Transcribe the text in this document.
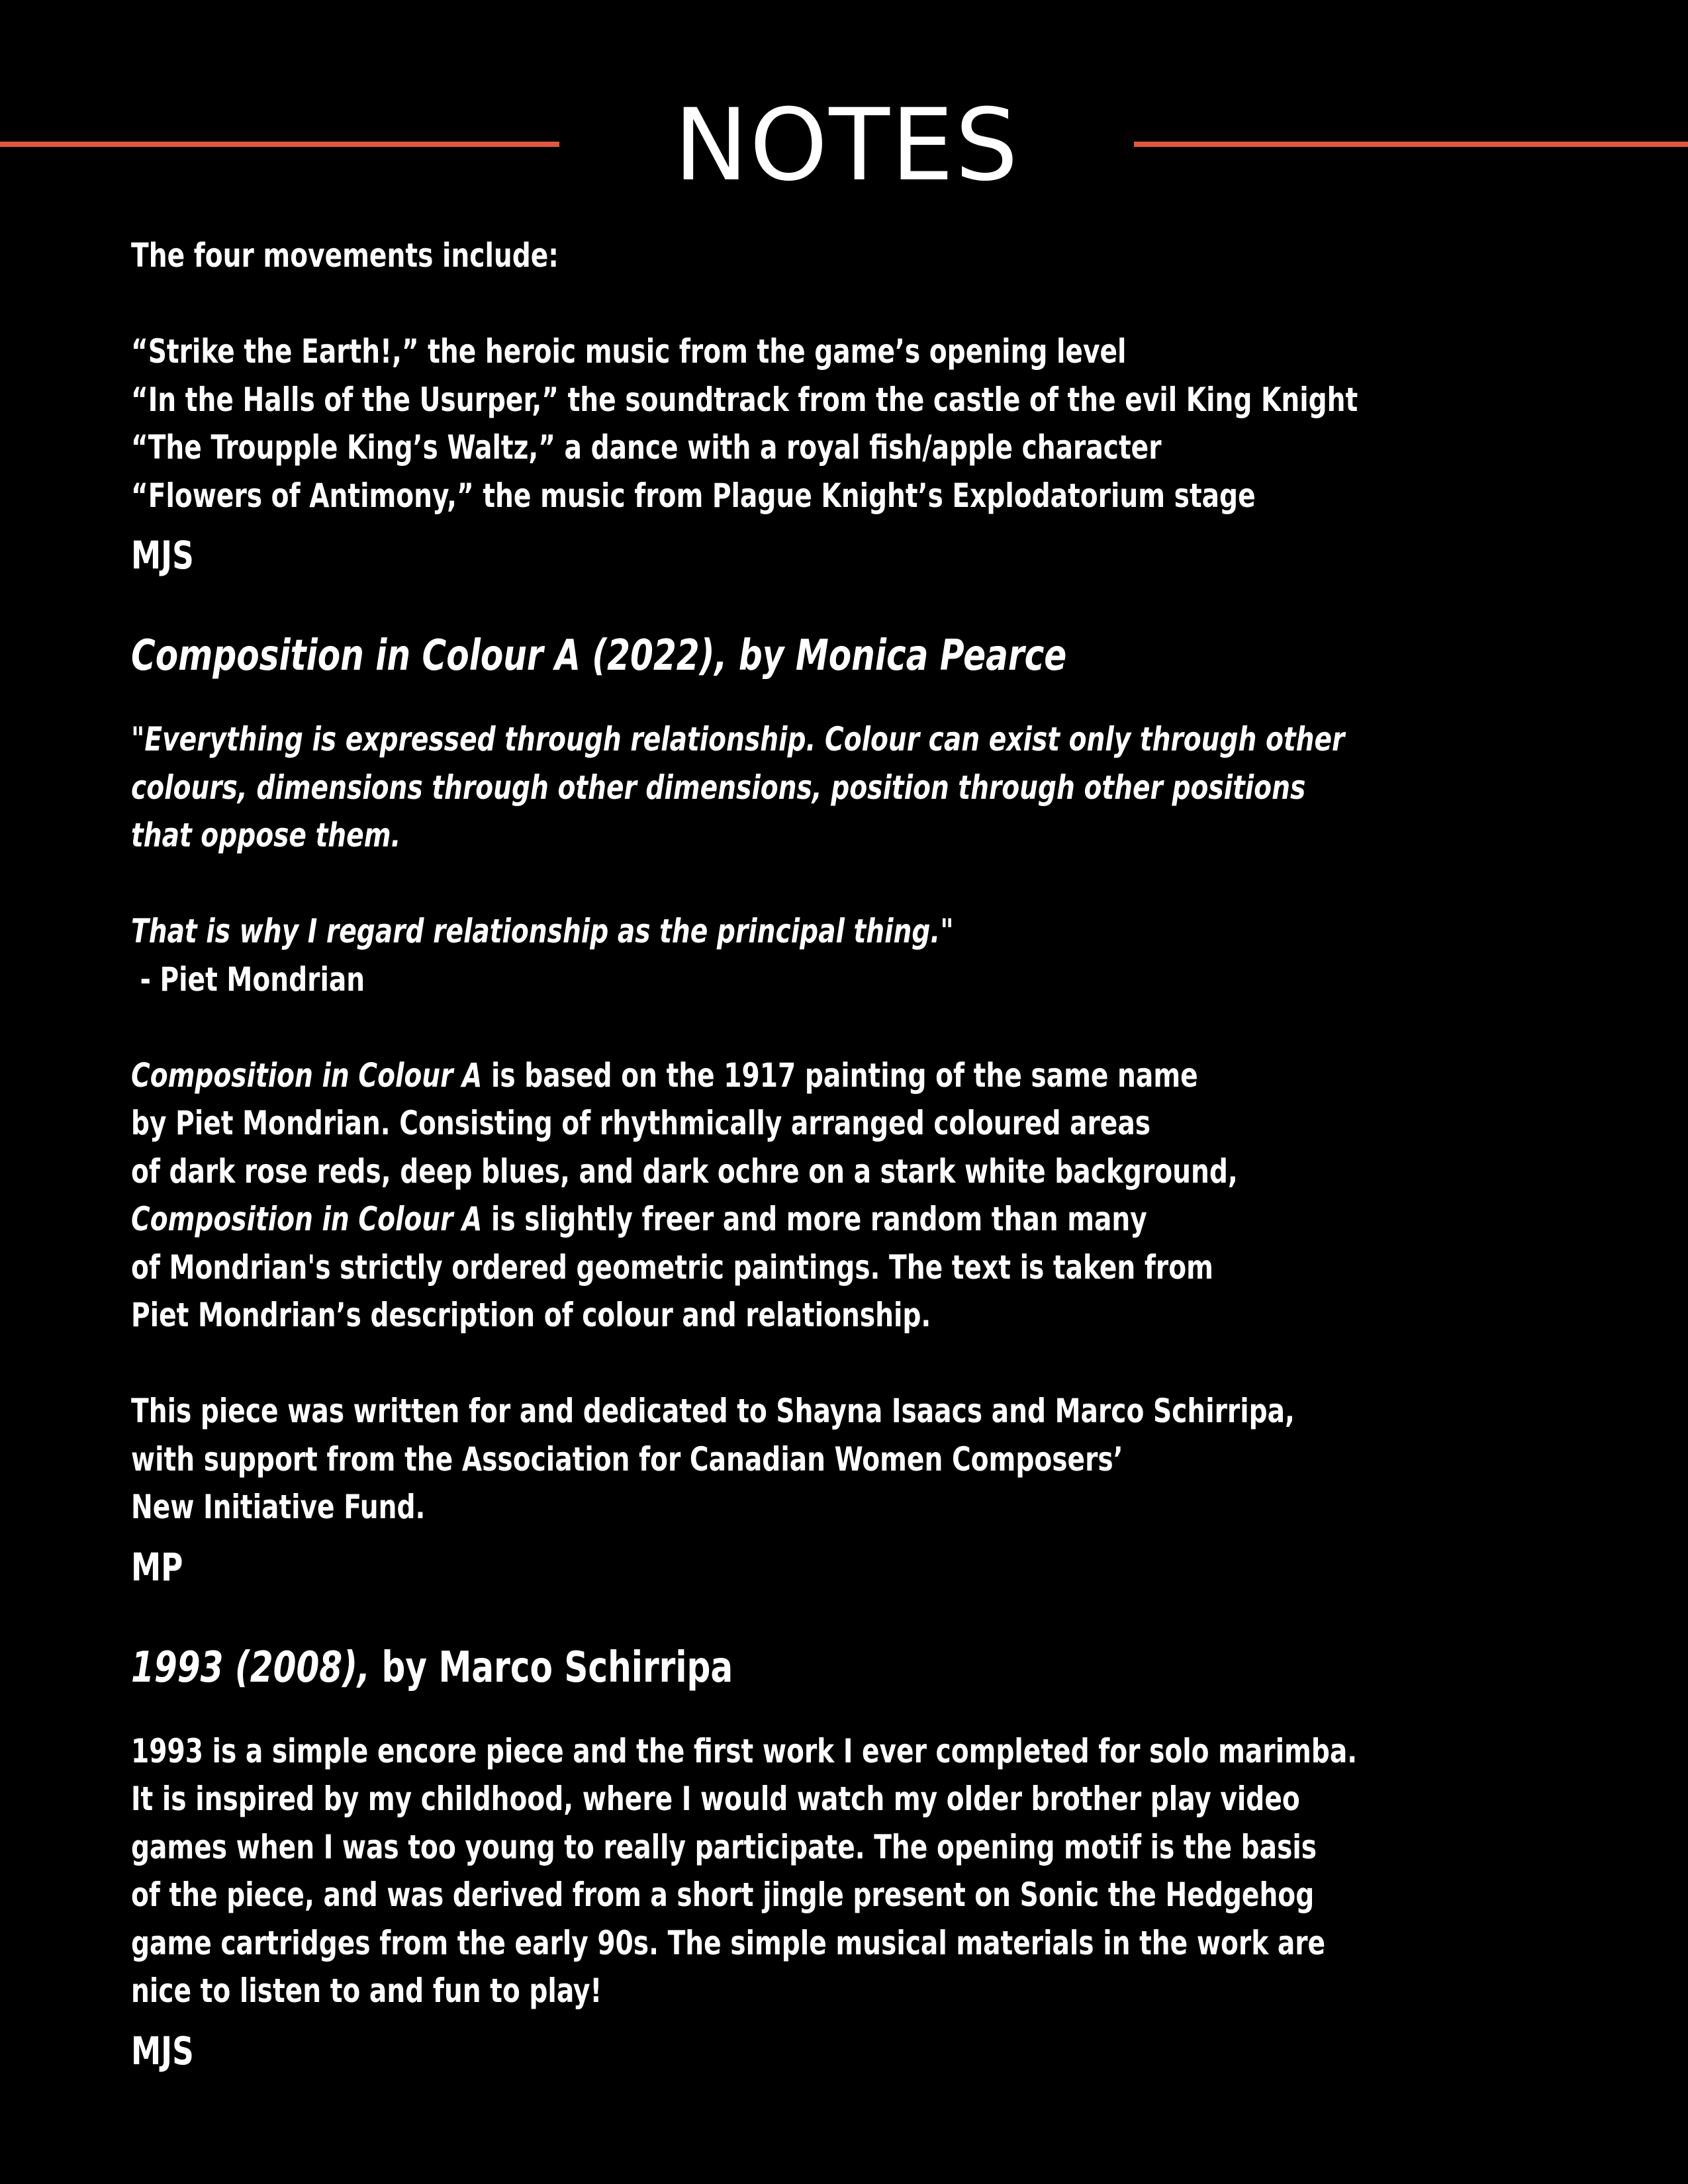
NOTES
The four movements include:
“Strike the Earth!,” the heroic music from the game’s opening level
“In the Halls of the Usurper,” the soundtrack from the castle of the evil King Knight
“The Troupple King’s Waltz,” a dance with a royal fish/apple character
“Flowers of Antimony,” the music from Plague Knight’s Explodatorium stage
MJS
Composition in Colour A (2022), by Monica Pearce
"Everything is expressed through relationship. Colour can exist only through other
colours, dimensions through other dimensions, position through other positions
that oppose them.
That is why I regard relationship as the principal thing."
- Piet Mondrian
Composition in Colour A is based on the 1917 painting of the same name
by Piet Mondrian. Consisting of rhythmically arranged coloured areas
of dark rose reds, deep blues, and dark ochre on a stark white background,
Composition in Colour A is slightly freer and more random than many
of Mondrian's strictly ordered geometric paintings. The text is taken from
Piet Mondrian’s description of colour and relationship.
This piece was written for and dedicated to Shayna Isaacs and Marco Schirripa,
with support from the Association for Canadian Women Composers’
New Initiative Fund.
MP
1993 (2008), by Marco Schirripa
1993 is a simple encore piece and the first work I ever completed for solo marimba.
It is inspired by my childhood, where I would watch my older brother play video
games when I was too young to really participate. The opening motif is the basis
of the piece, and was derived from a short jingle present on Sonic the Hedgehog
game cartridges from the early 90s. The simple musical materials in the work are
nice to listen to and fun to play!
MJS
